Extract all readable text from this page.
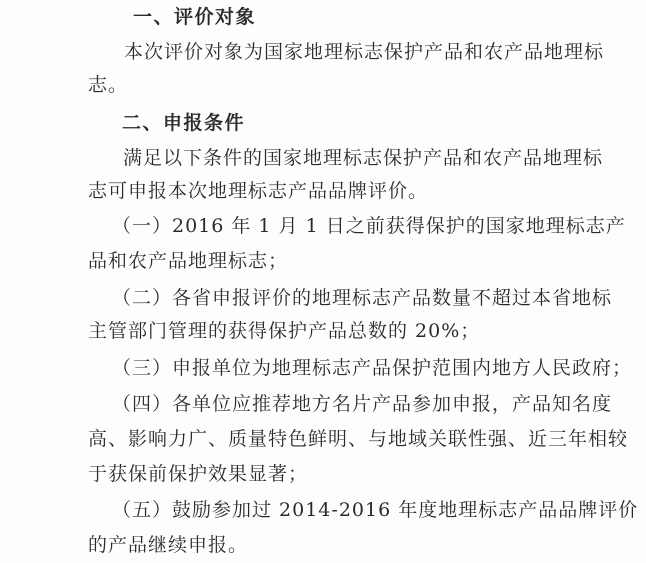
一、评价对象
本次评价对象为国家地理标志保护产品和农产品地理标
志。
二、申报条件
满足以下条件的国家地理标志保护产品和农产品地理标
志可申报本次地理标志产品品牌评价。
（一）2016 年 1 月 1 日之前获得保护的国家地理标志产
品和农产品地理标志；
（二）各省申报评价的地理标志产品数量不超过本省地标
主管部门管理的获得保护产品总数的 20%；
（三）申报单位为地理标志产品保护范围内地方人民政府；
（四）各单位应推荐地方名片产品参加申报，产品知名度
高、影响力广、质量特色鲜明、与地域关联性强、近三年相较
于获保前保护效果显著；
（五）鼓励参加过 2014-2016 年度地理标志产品品牌评价
的产品继续申报。
